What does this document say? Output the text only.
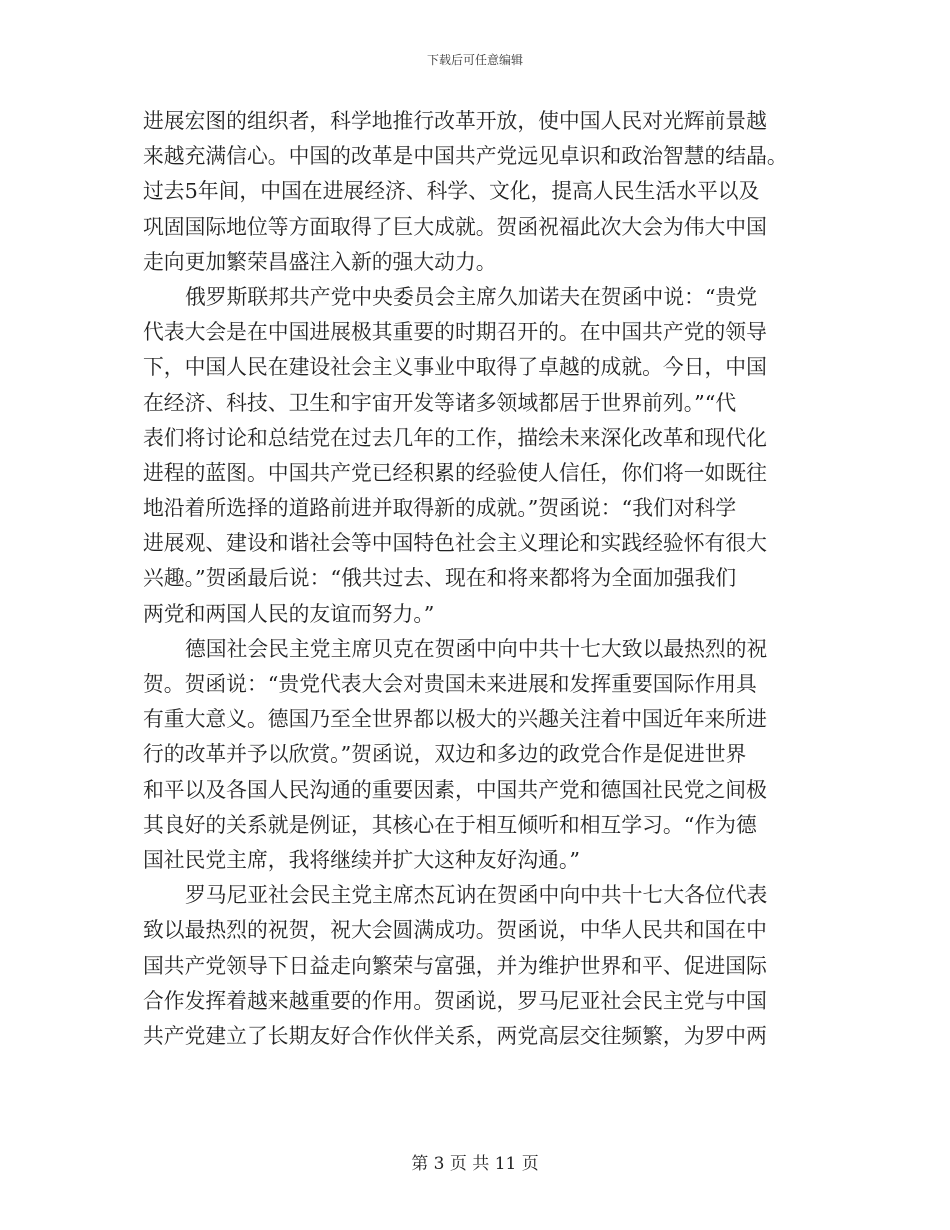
下载后可任意编辑
进展宏图的组织者，科学地推行改革开放，使中国人民对光辉前景越
来越充满信心。中国的改革是中国共产党远见卓识和政治智慧的结晶。
过去5年间，中国在进展经济、科学、文化，提高人民生活水平以及
巩固国际地位等方面取得了巨大成就。贺函祝福此次大会为伟大中国
走向更加繁荣昌盛注入新的强大动力。
俄罗斯联邦共产党中央委员会主席久加诺夫在贺函中说：“贵党
代表大会是在中国进展极其重要的时期召开的。在中国共产党的领导
下，中国人民在建设社会主义事业中取得了卓越的成就。今日，中国
在经济、科技、卫生和宇宙开发等诸多领域都居于世界前列。”“代
表们将讨论和总结党在过去几年的工作，描绘未来深化改革和现代化
进程的蓝图。中国共产党已经积累的经验使人信任，你们将一如既往
地沿着所选择的道路前进并取得新的成就。”贺函说：“我们对科学
进展观、建设和谐社会等中国特色社会主义理论和实践经验怀有很大
兴趣。”贺函最后说：“俄共过去、现在和将来都将为全面加强我们
两党和两国人民的友谊而努力。”
德国社会民主党主席贝克在贺函中向中共十七大致以最热烈的祝
贺。贺函说：“贵党代表大会对贵国未来进展和发挥重要国际作用具
有重大意义。德国乃至全世界都以极大的兴趣关注着中国近年来所进
行的改革并予以欣赏。”贺函说，双边和多边的政党合作是促进世界
和平以及各国人民沟通的重要因素，中国共产党和德国社民党之间极
其良好的关系就是例证，其核心在于相互倾听和相互学习。“作为德
国社民党主席，我将继续并扩大这种友好沟通。”
罗马尼亚社会民主党主席杰瓦讷在贺函中向中共十七大各位代表
致以最热烈的祝贺，祝大会圆满成功。贺函说，中华人民共和国在中
国共产党领导下日益走向繁荣与富强，并为维护世界和平、促进国际
合作发挥着越来越重要的作用。贺函说，罗马尼亚社会民主党与中国
共产党建立了长期友好合作伙伴关系，两党高层交往频繁，为罗中两
第 3 页 共 11 页
